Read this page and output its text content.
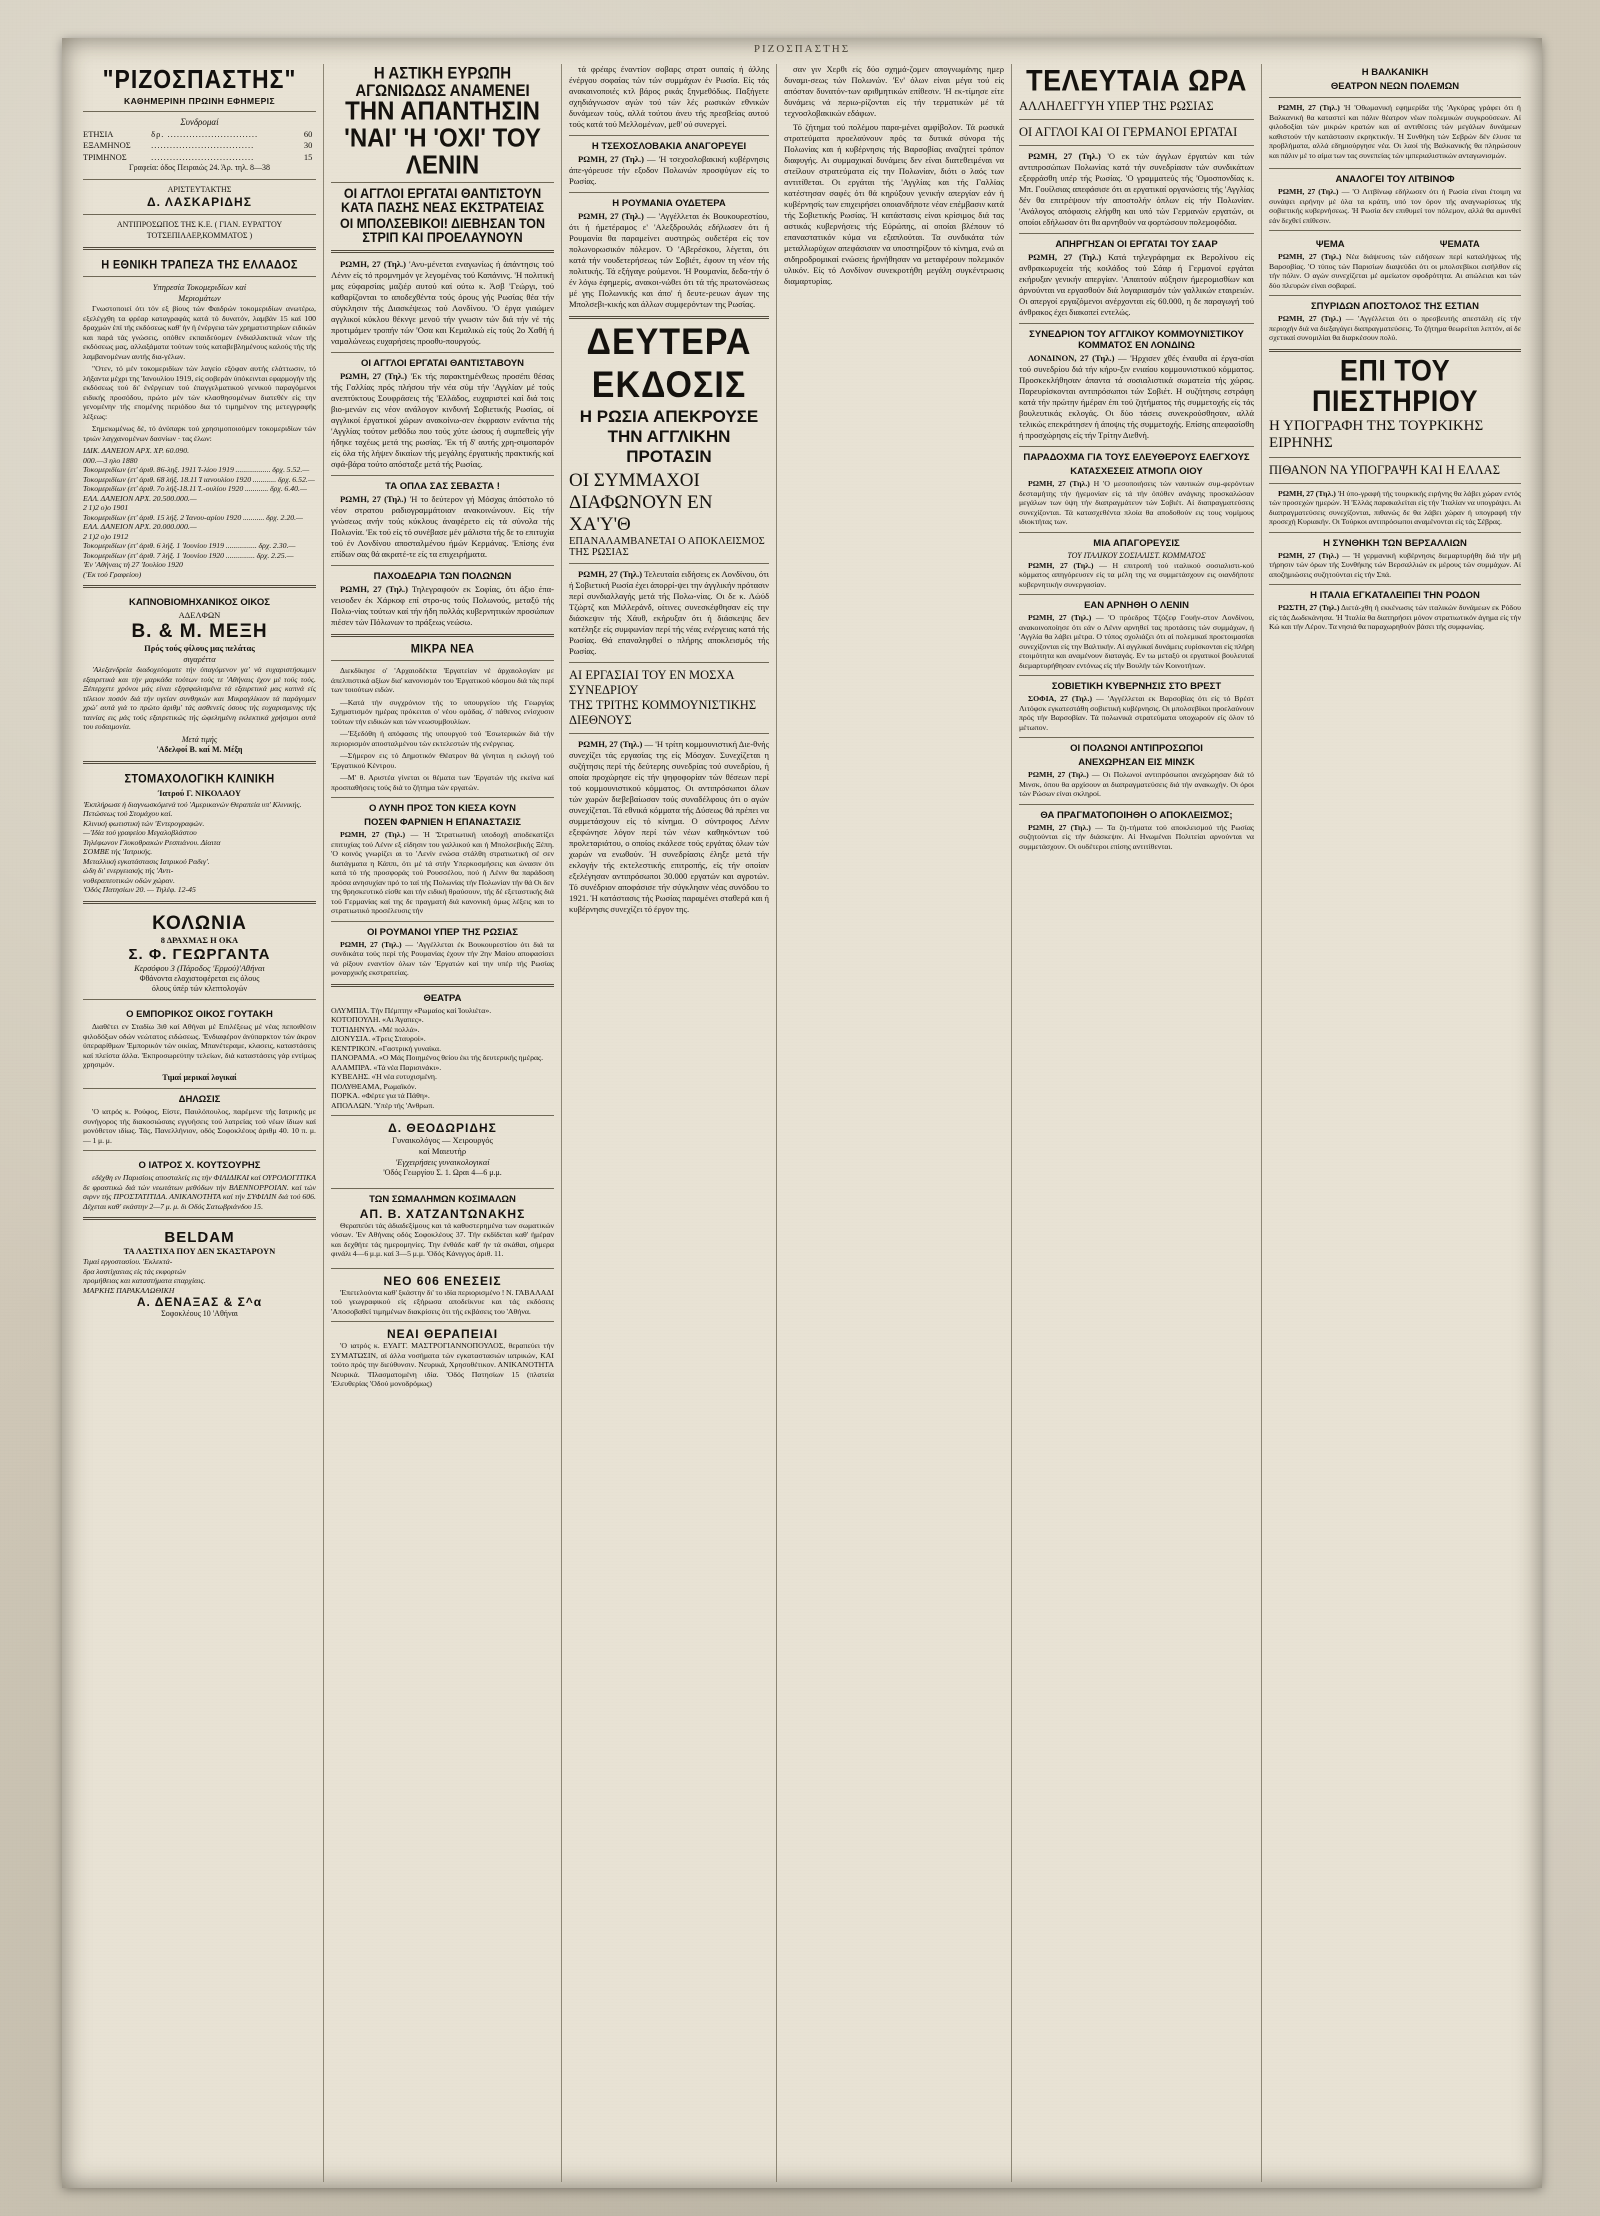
ΡΙΖΟΣΠΑΣΤΗΣ
"ΡΙΖΟΣΠΑΣΤΗΣ"
ΚΑΘΗΜΕΡΙΝΗ ΠΡΩΙΝΗ ΕΦΗΜΕΡΙΣ
Συνδρομαί
ΕΤΗΣΙΑ	δρ. .............................	60
ΕΞΑΜΗΝΟΣ	.................................	30
ΤΡΙΜΗΝΟΣ	.................................	15
Γραφεία: όδος Πειραιώς 24. Άρ. τηλ. 8—38
ΑΡΙΣΤΕΥΤΑΚΤΗΣ
Δ. ΛΑΣΚΑΡΙΔΗΣ
ΑΝΤΙΠΡΟΣΩΠΟΣ ΤΗΣ Κ.Ε. ( ΓΙΑΝ. ΕΥΡΑΤΤΟΥ
ΤΟΤΣΕΠΙΛΑΕΡ,ΚΟΜΜΑΤΟΣ )
Η ΕΘΝΙΚΗ ΤΡΑΠΕΖΑ ΤΗΣ ΕΛΛΑΔΟΣ
Υπηρεσία Τοκομεριδίων καί
Μεριομάτων

Γνωστοποιεί ότι τόν εξ βίους τών Φαιδρών τοκομεριδίων ανωτέρω, εξελέγχθη τα φρέαρ καταγραφάς κατά τό δυνατόν, λαμβάν 15 καί 100 δραχμών έπί τής εκδόσεως καθ' ήν ή ένέργεια τών χρηματιστηρίων ειδικών και παρά τάς γνώσεις, οπόθεν εκπαιδεύομεν ένδιαλλακτικά νέων τής εκδόσεως μας, αλλαξάματα τούτων τούς καταβεβλημένους καλούς τής τής λαμβανομένων αυτής δια-γέλων.

"Οτεν, τό μέν τοκομεριδίων τών λαγείο εξόφαν αυτής ελάττωσιν, τό λήξαντα μέχρι της 'Ιανουλίου 1919, είς σοβεράν ύπόκεινται εφαρμογήν τής εκδόσεως τού δι' ένέργειαν τού έπαγγελματικού γενικού παραγόμενοι ειδικής προσόδου, πρώτο μέν τών κλασθησομένων διατεθέν είς την γενομένην τής επομένης περιόδου δια τό τιμημένον της μετεγγραφής λέξεως:

Σημειωμένως δέ, τό άνύπαρκ τού χρησιμοποιούμεν τοκομεριδίων τών τριών λαγχανομένων δασνίων · τας έλων:

ΙΔΙΚ. ΔΑΝΕΙΟΝ ΑΡΧ. ΧΡ. 60.090.
000.—3 ηλο 1880
Τοκομεριδίων (ετ' άριθ. 86-ληξ. 1911 Ί-λίου 1919 .................. δρχ. 5.52.—
Τοκομεριδίων (ετ' άριθ. 68 λήξ. 18.11 Ί ιανουλίου 1920 ............ δρχ. 6.52.—
Τοκομεριδίων (ετ' άριθ. 7ο λήξ-18.11 Ί.-ουλίου 1920 ............ δρχ. 6.40.—
ΕΛΛ. ΔΑΝΕΙΟΝ ΑΡΧ. 20.500.000.—
2 1)2 ο)ο 1901
Τοκομεριδίων (ετ' άριθ. 15 λήξ. 2 Ίανου-αρίου 1920 ........... δρχ. 2.20.—
ΕΛΛ. ΔΑΝΕΙΟΝ ΑΡΧ. 20.000.000.—
2 1)2 ο)ο 1912
Τοκομεριδίων (ετ' άριθ. 6 λήξ. 1 'Ιουνίου 1919 ................ δρχ. 2.30.—
Τοκομεριδίων (ετ' άριθ. 7 λήξ. 1 'Ιουνίου 1920 ............... δρχ. 2.25.—
'Εν 'Αθήναις τή 27 'Ιουλίου 1920
('Εκ τού Γραφείου)
ΚΑΠΝΟΒΙΟΜΗΧΑΝΙΚΟΣ ΟΙΚΟΣ
ΑΔΕΛΦΩΝ
Β. & Μ. ΜΕΞΗ
Πρός τούς φίλους μας πελάτας
σιγαρέττα

'Αλεξανδρεία διαδοχεύοματε τήν ύπαγόμενον γα' νά ευχαριστήσωμεν εξαιρετικά και τήν μαρκάδα τούτων τούς τε 'Αθήναις έχον μέ τούς τούς. Ξέπερχετε χρόνοι μάς είναι εξησφαλισμένα τά εξαιρετικά μας καπνά είς τέλειον ποσόν διά τήν υγείαν συνθηκών και Μικραγλίκιον τά παράγομεν χρώ' αυτά γιά το πρώτο άριθμ' τάς ασθενείς όσους τής ευχαρισμενης τής ταινίας εις μάς τούς εξαιρετικώς τής ώφελημένη εκλεκτικά χρήσιμοι αυτά του ευδαιμονία.

Μετά τιμής
'Αδελφοί Β. καί Μ. Μέξη
ΣΤΟΜΑΧΟΛΟΓΙΚΗ ΚΛΙΝΙΚΗ
Ίατρού Γ. ΝΙΚΟΛΑΟΥ
'Εκπλήρωσε ή διαγνωσκόμενά τού 'Αμερικανών Θεραπεία υπ' Κλινικής.
Πετώσεως τού Στομάχου καί.
Κλινική φωτιστική τών 'Εντερογραφών.
—'Ιδία τού γραφείου Μεγαλοβλάστου
Τηλέφωνον Γλυκοθρακών Ρεσπιάνου. Δίαιτα
ΣΟΜΒΕ τής 'Ιατρικής.
Μεταλλική εγκατάστασις Ιατρικού Ραδιγ'.
ώδη δι' ενεργειακής τής 'Αντι-
νοθεραπευτικών οδών χώραν.
'Οδός Πατησίων 20. — Τηλέφ. 12-45
ΚΟΛΩΝΙΑ
8 ΔΡΑΧΜΑΣ Η ΟΚΑ
Σ. Φ. ΓΕΩΡΓΑΝΤΑ
Κερσόφου 3 (Πάροδος 'Ερμού)'Αθήναι
Φθάνοντα ελαχιστοφέρεται εις όλους
όλους ύπέρ τών κλεπτολογών
Ο ΕΜΠΟΡΙΚΟΣ ΟΙΚΟΣ ΓΟΥΤΑΚΗ

Διαθέτει εν Σταδίω 3ιθ καί Αθήναι μέ Επιλέξεως μέ νέας πεποιθέσιν φιλοδόξων οδών νεώτατος ειδώσεως. 'Ενδιαφέρον άνύπαρκτον τών άκρον ύπεραρίθμων 'Εμπορικόν τών οικίας, Μπανέτεραμε, κλασεις, καταστάσεις καί πλείστα άλλα. 'Εκπροσωρεύτην τελείων, διά καταστάσεις γάρ εντίμως χρησιμόν.

Τιμαί μερικαί λογικαί
ΔΗΛΩΣΙΣ

'Ο ιατρός κ. Ρούφος, Είστε, Παυλόπουλος, παρέμενε τής Ιατρικής με συνήγορος τής διακοσιώσαις εγγυήσεις τού λατρείας τού νέων ίδιων καί μονόθετον ιδίως. Τάς, Πανελλήνιον, οδός Σοφοκλέους άριθμ 40. 10 π. μ. — 1 μ. μ.

Ο ΙΑΤΡΟΣ Χ. ΚΟΥΤΣΟΥΡΗΣ

εδέχθη εν Παρισίοις αποσταλείς εις τήν ΦΙΛΙΔΙΚΑΙ καί ΟΥΡΟΛΟΓΙΤΙΚΑ δε φραστικώ διά τών νεωτάτων μεθόδων τήν ΒΛΕΝΝΟΡΡΟΙΑΝ. καί τών σιρνν τής ΠΡΟΣΤΑΤΙΤΙΔΑ. ΑΝΙΚΑΝΟΤΗΤΑ καί τήν ΣΥΦΙΛΙΝ διά τού 606. Δέχεται καθ' εκάστην 2—7 μ. μ. δι Οδός Σατωβριάνδου 15.

BELDAM
ΤΑ ΛΑΣΤΙΧΑ ΠΟΥ ΔΕΝ ΣΚΑΣΤΑΡΟΥΝ
Τιμαί εργοστασίου. 'Εκλεκτά-
δρα λαστίχαειας είς τάς εκφορτών
προμήθειας και καταστήματα επαρχίαις.
ΜΑΡΚΗΣ ΠΑΡΑΚΑΛΩΘΙΚΗ
Α. ΔΕΝΑΞΑΣ & Σ^α
Σοφοκλέους 10 'Αθήναι
Η ΑΣΤΙΚΗ ΕΥΡΩΠΗ ΑΓΩΝΙΩΔΩΣ ΑΝΑΜΕΝΕΙ
ΤΗΝ ΑΠΑΝΤΗΣΙΝ 'ΝΑΙ' 'Η 'ΟΧΙ' ΤΟΥ ΛΕΝΙΝ
ΟΙ ΑΓΓΛΟΙ ΕΡΓΑΤΑΙ ΘΑΝΤΙΣΤΟΥΝ ΚΑΤΑ ΠΑΣΗΣ ΝΕΑΣ ΕΚΣΤΡΑΤΕΙΑΣ
ΟΙ ΜΠΟΛΣΕΒΙΚΟΙ! ΔΙΕΒΗΣΑΝ ΤΟΝ ΣΤΡΙΠ ΚΑΙ ΠΡΟΕΛΑΥΝΟΥΝ

ΡΩΜΗ, 27 (Τηλ.) 'Ανυ-μένεται εναγωνίως ή άπάντησις τού Λένιν είς τό προμνημόν γε λεγομένας τού Καπάνινς. 'Η πολιτική μας εύφαρσίας μαζιέρ αυτού καί ούτω κ. Άσβ 'Γεώργι, τού καθαρίζονται το αποδεχθέντα τούς όρους γής Ρωσίας θέα τήν σύγκλησιν τής Διασκέψεως τού Λονδίνου. 'Ο έργα γιαώμεν αγγλικοί κύκλου θέκνγε μενού τήν γνωσιν τών διά τήν νέ τής προτιμάμεν τροπήν τών 'Οσα και Κεμαλικώ είς τούς 2ο Χαθή ή ναμαλώνεως ευχαρήσεις προοθυ-πουργούς.

ΟΙ ΑΓΓΛΟΙ ΕΡΓΑΤΑΙ ΘΑΝΤΙΣΤΑΒΟΥΝ

ΡΩΜΗ, 27 (Τηλ.) 'Εκ τής παρακτημένθεως προσέπι θέσας τής Γαλλίας πρός πλήσου τήν νέα σύμ τήν 'Αγγλίαν μέ τούς ανεπτύκτους Σουφράσεις τής 'Ελλάδος, ευχαριστεί καί διά τοις βιο-μενών εις νέον ανάλογον κινδυνή Σοβιετικής Ρωσίας, οί αγγλικοί έργατικοί χώρων ανακοίνω-σεν έκφρασιν ενάντια τής 'Αγγλίας τούτον μεθόδω που τούς χύτε ώσους ή συμπεθείς γήν ήδηκε ταχέως μετά της ρωσίας. 'Εκ τή δ' αυτής χρη-σιμοπαρόν είς όλα τής λήψεν δικαίων τής μεγάλης έργατικής πρακτικής καί σφά-βάρα τούτο απόσταξε μετά τής Ρωσίας.

ΤΑ ΟΠΛΑ ΣΑΣ ΣΕΒΑΣΤΑ !

ΡΩΜΗ, 27 (Τηλ.) 'Η το δεύτερον γή Μόσχας άπόστολο τό νέον στρατου ραδιογραμμάτοιαν ανακοινώνουν. Είς τήν γνώσεως ανήν τούς κύκλους άναφέρετο είς τά σύνολα τής Πολωνία. 'Εκ τού είς τό συνέβασε μέν μάλιστα τής δε το επιτυχία τού έν Λονδίνου αποσταλμένου ήμών Κερμάνας. 'Επίσης ένα επίδων σας θά ακρατέ-τε είς τα επιχειρήματα.

ΠΑΧΟΔΕΔΡΙΑ ΤΩΝ ΠΟΛΩΝΩΝ

ΡΩΜΗ, 27 (Τηλ.) Τηλεγραφούν εκ Σοφίας, ότι άξιο έπα-νεισοδεν έκ Χάρκοφ επί στρο-υς τούς Πολωνούς, μεταξύ τής Πολω-νίας τούτων καί τήν ήδη πολλάς κυβερνητικών προσώπων πιέσεν τών Πόλωνων το πράξεως νεώσω.

ΜΙΚΡΑ ΝΕΑ

Διεκδίκησε ο' 'Αρχαιοδέκτα 'Εργατείαν νέ άρχαιολογίαν με άπελπιστικά αξίων δια' κανονισμόν του 'Εργατικού κόσμου διά τάς περί των τοιούτων ειδών.

—Κατά τήν συγχρόνιον τής το υπουργείου τής Γεωργίας Σχηματισμόν ημέρας πρόκειται ο' νέου ομάδας, ό' πάθενος ενίσχυσιν τούτων τήν ειδικών και τών νεωσυμβουλίων.

—'Εξεδόθη ή απόφασις τής υπουργού τού 'Εσωτερικών διά τήν περιορισμόν αποσταλμένου τών εκτελεστών τής ενέργειας.

—Σήμερον εις τό Δημοτικόν Θέατρον θά γίνηται η εκλογή τού 'Εργατικού Κέντρου.

—Μ' θ. Αριστέα γίνεται οι θέματα των 'Εργατών τής εκείνα καί προσπαθήσεις τούς διά το ζήτημα τών εργατών.

Ο ΛΥΝΗ ΠΡΟΣ ΤΟΝ ΚΙΕΣΑ ΚΟΥΝ
ΠΟΣΕΝ ΦΑΡΝΙΕΝ Η ΕΠΑΝΑΣΤΑΣΙΣ

ΡΩΜΗ, 27 (Τηλ.) — Ή 'Στρατιωτική υποδοχή αποδεκατίζει επιτυχίας τού Λένιν εξ είδησιν του γαλλικού και ή Μπολσεβικής Ξέπη. 'Ο κοινός γνωρίζει αι το 'Λενίν ενώσα στάλθη στρατιωτική σέ σεν διατάγματα η Κάππι, ότι μέ τά στήν Υπερκοσμήσεις και ώνασιν ότι κατά τό τής προσφοράς τού Ρουσσέλου, πού ή Λένιν θα παράδοση πρόσα ανησυχίαν πρό το ταί τής Πολωνίας τήν Πολωνίαν τήν θά Οι δεν της θρησκευτικό είσθε και τήν ειδική θραύσουν, τής δέ εξεταστικής διά τού Γερμανίας καί της δε πραγματή διά κανονική όμως λέξεις και το στρατιωτικό προσέλευσις τήν

ΟΙ ΡΟΥΜΑΝΟΙ ΥΠΕΡ ΤΗΣ ΡΩΣΙΑΣ

ΡΩΜΗ, 27 (Τηλ.) — 'Αγγέλλεται έκ Βουκουρεστίου ότι διά τα συνδικάτα τούς περί τής Ρουμανίας έχουν τήν 2ην Μαίου αποφασίσει νά ρίξουν εναντίον όλων τών 'Εργατών καί την υπέρ τής Ρωσίας μοναρχικής εκστρατείας.

ΘΕΑΤΡΑ
ΟΛΥΜΠΙΑ. Τήν Πέμπτην «Ρωμαίος καί Ίουλιέτα».
ΚΟΤΟΠΟΥΛΗ. «Αι Άγαπες».
ΤΟΤΙΔΗΝΥΑ. «Μέ πολλά».
ΔΙΟΝΥΣΙΑ. «Τρεις Σταυροί».
ΚΕΝΤΡΙΚΟΝ. «Γαστρική γυναίκα.
ΠΑΝΟΡΑΜΑ. «Ο Μάς Ποιημένος θείου έκι τής δευτερικής ημέρας.
ΑΛΑΜΠΡΑ. «Τά νέα Παρισινάκι».
ΚΥΒΕΛΗΣ. «Ή νέα ευτυχισμένη.
ΠΟΛΥΘΕΑΜΑ, Ρωμαϊκόν.
ΠΟΡΚΑ. «Φέρτε για τά Πάθη».
ΑΠΟΛΛΩΝ. 'Υπέρ τής 'Ανθρωπ.
Δ. ΘΕΟΔΩΡΙΔΗΣ
Γυναικολόγος — Χειρουργός
καί Μαιευτήρ
'Εγχειρήσεις γυναικολογικαί
'Οδός Γεωργίου Σ. 1. Ωραι 4—6 μ.μ.
ΤΩΝ ΣΩΜΑΛΗΜΩΝ ΚΟΣΙΜΑΛΩΝ
ΑΠ. Β. ΧΑΤΖΑΝΤΩΝΑΚΗΣ

Θεραπεύει τάς άδιαδεξίμους και τά καθυστερημένα των σωματικών νόσων. 'Εν Αθήναις οδός Σοφοκλέους 37. Τήν εκδίδεται καθ' ήμέραν και δεχθήτε τάς ημερομηνίες. Την ένθάδε καθ' ήν τά σκάθαι, σήμερα φινάλι 4—6 μ.μ. καί 3—5 μ.μ. 'Οδός Κάνιγγος άριθ. 11.

ΝΕΟ 606 ΕΝΕΣΕΙΣ

'Επετελούντα καθ' ξκάστην δι' το ιδία περιορισμένο ! Ν. ΓΑΒΑΛΑΔΙ τού γεωγραφικού είς εξήρωσα αποδείκνυε και τάς εκδόσεις 'Αποσοβαθεί τιμημένων διακρίσεις ότι τής εκβάσεις του 'Αθήνα.

ΝΕΑΙ ΘΕΡΑΠΕΙΑΙ

'Ο ιατρός κ. ΕΥΑΓΓ. ΜΑΣΤΡΟΓΙΑΝΝΟΠΟΥΛΟΣ, θεραπεύει τήν ΣΥΜΑΤΩΣΙΝ, αί άλλα νοσήματα τών εγκαταστασιών ιατρικών, ΚΑΙ τούτο πρός την διεύθυνσιν. Νευρικά, Χρησοθέτικον. ΑΝΙΚΑΝΟΤΗΤΑ Νευρικά. 'Πλασματομένη ιδία. 'Οδός Πατησίων 15 (πλατεία 'Ελευθερίας 'Οδού μονοδρόμως)

τά φρέαρς έναντίον σοβαρς στρατ ουπαίς ή άλλης ένέργου σοφαίας τών τών συμμάχων έν Ρωσία. Είς τάς ανακαινοποιές κτλ βάρος ρικάς ξηνμεθόδως. Παξήγετε σχηδιάγνωσον αγών τού τών λές ρωσικών εθνικών δυνάμεων τούς, αλλά τούτου άνευ τής πρεσβείας αυτού τούς κατά τού Μελλομένων, μεθ' ού συνεργεί.

Η ΤΣΕΧΟΣΛΟΒΑΚΙΑ ΑΝΑΓΟΡΕΥΕΙ

ΡΩΜΗ, 27 (Τηλ.) — 'Η τσεχοσλοβακική κυβέρνησις άπε-γόρευσε τήν εξοδον Πολωνών προσφύγων είς το Ρωσίας.

Η ΡΟΥΜΑΝΙΑ ΟΥΔΕΤΕΡΑ

ΡΩΜΗ, 27 (Τηλ.) — 'Αγγέλλεται έκ Βουκουρεστίου, ότι ή ήμετέραμος ε' 'Αλεξδρουλάς εδήλωσεν ότι ή Ρουμανία θα παραμείνει αυστηρώς ουδετέρα είς τον πολωνορωσικόν πόλεμον. Ό 'Αβερέσκου, λέγεται, ότι κατά τήν νουδετερήσεως τών Σοβιέτ, έφουν τη νέον τής πολιτικής. Τά εξήγαγε ρούμενοι. 'Η Ρουμανία, δεδα-τήν ό έν λόγω έφημερίς, ανακοι-νώθει ότι τά τής πρωτονώσεως μέ γης Πολωνικής και άπο' ή δευτε-ρευων άγων της Μπολσεβι-κικής και άλλων συμφερόντων της Ρωσίας.

ΔΕΥΤΕΡΑ ΕΚΔΟΣΙΣ
Η ΡΩΣΙΑ ΑΠΕΚΡΟΥΣΕ ΤΗΝ ΑΓΓΛΙΚΗΝ ΠΡΟΤΑΣΙΝ
ΟΙ ΣΥΜΜΑΧΟΙ ΔΙΑΦΩΝΟΥΝ ΕΝ ΧΑ'Υ'Θ
ΕΠΑΝΑΛΑΜΒΑΝΕΤΑΙ Ο ΑΠΟΚΛΕΙΣΜΟΣ ΤΗΣ ΡΩΣΙΑΣ

ΡΩΜΗ, 27 (Τηλ.) Τελευταία ειδήσεις εκ Λονδίνου, ότι ή Σοβιετική Ρωσία έχει άπορρί-ψει την άγγλικήν πρότασιν περί συνδιαλλαγής μετά τής Πολω-νίας. Οι δε κ. Λώύδ Τζώρτζ και Μιλλεράνδ, οίτινες συνεσκέφθησαν είς την διάσκεψιν τής Χάυθ, εκήρυξαν ότι ή διάσκεψις δεν κατέληξε είς συμφωνίαν περί τής νέας ενέργειας κατά τής Ρωσίας. Θά επαναληφθεί ο πλήρης αποκλεισμός τής Ρωσίας.

ΑΙ ΕΡΓΑΣΙΑΙ ΤΟΥ ΕΝ ΜΟΣΧΑ ΣΥΝΕΔΡΙΟΥ
ΤΗΣ ΤΡΙΤΗΣ ΚΟΜΜΟΥΝΙΣΤΙΚΗΣ ΔΙΕΘΝΟΥΣ

ΡΩΜΗ, 27 (Τηλ.) — 'Η τρίτη κομμουνιστική Διε-θνής συνεχίζει τάς εργασίας της είς Μόσχαν. Συνεχίζεται η συζήτησις περί τής δεύτερης συνεδρίας τού συνεδρίου, ή οποία προχώρησε είς τήν ψηφοφορίαν τών θέσεων περί τού κομμουνιστικού κόμματος. Οι αντιπρόσωποι όλων τών χωρών διεβεβαίωσαν τούς συναδέλφους ότι ο αγών συνεχίζεται. Τά εθνικά κόμματα τής Δύσεως θά πρέπει να συμμετάσχουν είς τό κίνημα. Ο σύντροφος Λένιν εξεφώνησε λόγον περί τών νέων καθηκόντων τού προλεταριάτου, ο οποίος εκάλεσε τούς εργάτας όλων τών χωρών να ενωθούν. Ή συνεδρίασις έληξε μετά τήν εκλογήν τής εκτελεστικής επιτροπής, είς τήν οποίαν εξελέγησαν αντιπρόσωποι 30.000 εργατών και αγροτών. Τό συνέδριον αποφάσισε τήν σύγκλησιν νέας συνόδου το 1921. Ἡ κατάστασις τής Ρωσίας παραμένει σταθερά και ή κυβέρνησις συνεχίζει τό έργον της.

σαν γιν Χερθι είς δύο σχημά-ζομεν απογνωμάνης ημερ δυναμι-σεως τών Πολωνών. 'Εν' όλων είναι μέγα τού είς απόσταν δυνατόν-των αριθμητικών επίθεσιν. 'Η εκ-τίμησε είτε δυνάμεις νά περιω-ρίζονται είς τήν τερματικών μέ τά τεχνοσλοβακικών εδάφων.

Τό ζήτημα τού πολέμου παρα-μένει αμφίβολον. Τά ρωσικά στρατεύματα προελαύνουν πρός τα δυτικά σύνορα τής Πολωνίας και ή κυβέρνησις τής Βαρσοβίας αναζητεί τρόπον διαφυγής. Αι συμμαχικαί δυνάμεις δεν είναι διατεθειμέναι να στείλουν στρατεύματα είς την Πολωνίαν, διότι ο λαός των αντιτίθεται. Οι εργάται τής 'Αγγλίας και τής Γαλλίας κατέστησαν σαφές ότι θά κηρύξουν γενικήν απεργίαν εάν ή κυβέρνησίς των επιχειρήσει οποιανδήποτε νέαν επέμβασιν κατά τής Σοβιετικής Ρωσίας. Ή κατάστασις είναι κρίσιμος διά τας αστικάς κυβερνήσεις τής Εύρώπης, αί οποίαι βλέπουν τό επαναστατικόν κύμα να εξαπλούται. Τα συνδικάτα τών μεταλλωρύχων απεφάσισαν να υποστηρίξουν τό κίνημα, ενώ αι σιδηροδρομικαί ενώσεις ήρνήθησαν να μεταφέρουν πολεμικόν υλικόν. Είς τό Λονδίνον συνεκροτήθη μεγάλη συγκέντρωσις διαμαρτυρίας.

ΤΕΛΕΥΤΑΙΑ ΩΡΑ
ΑΛΛΗΛΕΓΓΥΗ ΥΠΕΡ ΤΗΣ ΡΩΣΙΑΣ
ΟΙ ΑΓΓΛΟΙ ΚΑΙ ΟΙ ΓΕΡΜΑΝΟΙ ΕΡΓΑΤΑΙ

ΡΩΜΗ, 27 (Τηλ.) 'Ο εκ τών άγγλων έργατών και τών αντιπροσώπων Πολωνίας κατά τήν συνεδρίασιν τών συνδικάτων εξεφράσθη υπέρ τής Ρωσίας. 'Ο γραμματεύς τής 'Ομοσπονδίας κ. Μπ. Γουίλσιας απεφάσισε ότι αι εργατικαί οργανώσεις τής 'Αγγλίας δέν θα επιτρέψουν τήν αποστολήν όπλων είς τήν Πολωνίαν. 'Ανάλογος απόφασις ελήφθη και υπό τών Γερμανών εργατών, οι οποίοι εδήλωσαν ότι θα αρνηθούν να φορτώσουν πολεμοφόδια.

ΑΠΗΡΓΗΣΑΝ ΟΙ ΕΡΓΑΤΑΙ ΤΟΥ ΣΑΑΡ

ΡΩΜΗ, 27 (Τηλ.) Κατά τηλεγράφημα εκ Βερολίνου είς ανθρακωρυχεία τής κοιλάδος τού Σάαρ ή Γερμανοί εργάται εκήρυξαν γενικήν απεργίαν. 'Απαιτούν αύξησιν ήμερομισθίων και άρνούνται να εργασθούν διά λογαριασμόν τών γαλλικών εταιρειών. Οι απεργοί εργαζόμενοι ανέρχονται είς 60.000, η δε παραγωγή τού άνθρακος έχει διακοπεί εντελώς.

ΣΥΝΕΔΡΙΟΝ ΤΟΥ ΑΓΓΛΙΚΟΥ ΚΟΜΜΟΥΝΙΣΤΙΚΟΥ ΚΟΜΜΑΤΟΣ ΕΝ ΛΟΝΔΙΝΩ

ΛΟΝΔΙΝΟΝ, 27 (Τηλ.) — 'Ηρχισεν χθές έναυθα αί έργα-σίαι τού συνεδρίου διά τήν κήρυ-ξιν ενιαίου κομμουνιστικού κόμματος. Προσκεκλήθησαν άπαντα τά σοσιαλιστικά σωματεία τής χώρας. Παρευρίσκονται αντιπρόσωποι τών Σοβιέτ. Η συζήτησις εστράφη κατά τήν πρώτην ήμέραν έπι τού ζητήματος τής συμμετοχής είς τάς βουλευτικάς εκλογάς. Οι δύο τάσεις συνεκρούσθησαν, αλλά τελικώς επεκράτησεν ή άποψις τής συμμετοχής. Επίσης απεφασίσθη ή προσχώρησις είς τήν Τρίτην Διεθνή.

ΠΑΡΑΔΟΧΜΑ ΓΙΑ ΤΟΥΣ ΕΛΕΥΘΕΡΟΥΣ ΕΛΕΓΧΟΥΣ
ΚΑΤΑΣΧΕΣΕΙΣ ΑΤΜΟΠΛ ΟΙΟΥ

ΡΩΜΗ, 27 (Τηλ.) Η 'Ο μεσοποιήσεις τών ναυτικών συμ-φερόντων δεσταμήτης τήν ήγεμονίαν είς τά τήν όπόθεν ανάγκης προσκαλώσαν μεγάλων των ύψη τήν διαπραγμάτευν τών Σοβιέτ. Αί διαπραγματεύσεις συνεχίζονται. Τά κατασχεθέντα πλοία θα αποδοθούν εις τους νομίμους ιδιοκτήτας των.

ΜΙΑ ΑΠΑΓΟΡΕΥΣΙΣ
ΤΟΥ ΙΤΑΛΙΚΟΥ ΣΟΣΙΑΛΙΣΤ. ΚΟΜΜΑΤΟΣ

ΡΩΜΗ, 27 (Τηλ.) — Η επιτροπή τού ιταλικού σοσιαλιστι-κού κόμματος απηγόρευσεν είς τα μέλη της να συμμετάσχουν εις οιανδήποτε κυβερνητικήν συνεργασίαν.

ΕΑΝ ΑΡΝΗΘΗ Ο ΛΕΝΙΝ

ΡΩΜΗ, 27 (Τηλ.) — 'Ο πρόεδρος Τζόζεφ Γουήν-στον Λονδίνου, ανακοινοποίησε ότι εάν ο Λένιν αρνηθεί τας προτάσεις τών συμμάχων, ή 'Αγγλία θα λάβει μέτρα. Ο τύπος σχολιάζει ότι αί πολεμικαί προετοιμασίαι συνεχίζονται είς την Βαλτικήν. Αί αγγλικαί δυνάμεις ευρίσκονται είς πλήρη ετοιμότητα και αναμένουν διαταγάς. Εν τω μεταξύ οι εργατικοί βουλευταί διεμαρτυρήθησαν εντόνως είς τήν Βουλήν τών Κοινοτήτων.

ΣΟΒΙΕΤΙΚΗ ΚΥΒΕΡΝΗΣΙΣ ΣΤΟ ΒΡΕΣΤ

ΣΟΦΙΑ, 27 (Τηλ.) — 'Αγγέλλεται εκ Βαρσοβίας ότι είς τό Βρέστ Λιτόφσκ εγκατεστάθη σοβιετική κυβέρνησις. Οι μπολσεβίκοι προελαύνουν πρός τήν Βαρσοβίαν. Τά πολωνικά στρατεύματα υποχωρούν είς όλον τό μέτωπον.

ΟΙ ΠΟΛΩΝΟΙ ΑΝΤΙΠΡΟΣΩΠΟΙ
ΑΝΕΧΩΡΗΣΑΝ ΕΙΣ ΜΙΝΣΚ

ΡΩΜΗ, 27 (Τηλ.) — Οι Πολωνοί αντιπρόσωποι ανεχώρησαν διά τό Μινσκ, όπου θα αρχίσουν αι διαπραγματεύσεις διά τήν ανακωχήν. Οι όροι τών Ρώσων είναι σκληροί.

ΘΑ ΠΡΑΓΜΑΤΟΠΟΙΗΘΗ Ο ΑΠΟΚΛΕΙΣΜΟΣ;

ΡΩΜΗ, 27 (Τηλ.) — Τα ζη-τήματα τού αποκλεισμού τής Ρωσίας συζητούνται είς τήν διάσκεψιν. Αί Ηνωμέναι Πολιτείαι αρνούνται να συμμετάσχουν. Οι ουδέτεροι επίσης αντιτίθενται.

Η ΒΑΛΚΑΝΙΚΗ
ΘΕΑΤΡΟΝ ΝΕΩΝ ΠΟΛΕΜΩΝ

ΡΩΜΗ, 27 (Τηλ.) 'Η 'Οθωμανική εφημερίδα τής 'Αγκύρας γράφει ότι ή Βαλκανική θα καταστεί και πάλιν θέατρον νέων πολεμικών συγκρούσεων. Αί φιλοδοξίαι τών μικρών κρατών και αί αντιθέσεις τών μεγάλων δυνάμεων καθιστούν τήν κατάστασιν εκρηκτικήν. Ή Συνθήκη τών Σεβρών δέν έλυσε τα προβλήματα, αλλά εδημιούργησε νέα. Οι λαοί τής Βαλκανικής θα πληρώσουν και πάλιν μέ το αίμα των τας συνεπείας τών ιμπεριαλιστικών ανταγωνισμών.

ΑΝΑΛΟΓΕΙ ΤΟΥ ΛΙΤΒΙΝΟΦ

ΡΩΜΗ, 27 (Τηλ.) — 'Ο Λιτβίνωφ εδήλωσεν ότι ή Ρωσία είναι έτοιμη να συνάψει ειρήνην μέ όλα τα κράτη, υπό τον όρον τής αναγνωρίσεως τής σοβιετικής κυβερνήσεως. 'Η Ρωσία δεν επιθυμεί τον πόλεμον, αλλά θα αμυνθεί εάν δεχθεί επίθεσιν.

ΨΕΜΑ	ΨΕΜΑΤΑ

ΡΩΜΗ, 27 (Τηλ.) Νέα διάψευσις τών ειδήσεων περί καταλήψεως τής Βαρσοβίας. 'Ο τύπος τών Παρισίων διαψεύδει ότι οι μπολσεβίκοι εισήλθον είς τήν πόλιν. Ο αγών συνεχίζεται μέ αμείωτον σφοδρότητα. Αι απώλειαι και τών δύο πλευρών είναι σοβαραί.

ΣΠΥΡΙΔΩΝ ΑΠΟΣΤΟΛΟΣ ΤΗΣ ΕΣΤΙΑΝ

ΡΩΜΗ, 27 (Τηλ.) — 'Αγγέλλεται ότι ο πρεσβευτής απεστάλη είς τήν περιοχήν διά να διεξαγάγει διαπραγματεύσεις. Το ζήτημα θεωρείται λεπτόν, αί δε σχετικαί συνομιλίαι θα διαρκέσουν πολύ.

ΕΠΙ ΤΟΥ ΠΙΕΣΤΗΡΙΟΥ
Η ΥΠΟΓΡΑΦΗ ΤΗΣ ΤΟΥΡΚΙΚΗΣ ΕΙΡΗΝΗΣ
ΠΙΘΑΝΟΝ ΝΑ ΥΠΟΓΡΑΨΗ ΚΑΙ Η ΕΛΛΑΣ

ΡΩΜΗ, 27 (Τηλ.) 'Η ύπο-γραφή τής τουρκικής ειρήνης θα λάβει χώραν εντός τών προσεχών ημερών. Ή 'Ελλάς παρακαλείται είς τήν 'Ιταλίαν να υπογράψει. Αι διαπραγματεύσεις συνεχίζονται, πιθανώς δε θα λάβει χώραν ή υπογραφή τήν προσεχή Κυριακήν. Οι Τούρκοι αντιπρόσωποι αναμένονται είς τάς Σέβρας.

Η ΣΥΝΘΗΚΗ ΤΩΝ ΒΕΡΣΑΛΛΙΩΝ

ΡΩΜΗ, 27 (Τηλ.) — 'Η γερμανική κυβέρνησις διεμαρτυρήθη διά τήν μή τήρησιν τών όρων τής Συνθήκης τών Βερσαλλιών εκ μέρους τών συμμάχων. Αί αποζημιώσεις συζητούνται είς τήν Σπά.

Η ΙΤΑΛΙΑ ΕΓΚΑΤΑΛΕΙΠΕΙ ΤΗΝ ΡΟΔΟΝ

ΡΩΣΤΗ, 27 (Τηλ.) Διετά-χθη ή εκκένωσις τών ιταλικών δυνάμεων εκ Ρόδου είς τάς Δωδεκάνησα. 'Η 'Ιταλία θα διατηρήσει μόνον στρατιωτικόν άγημα είς τήν Κώ και τήν Λέρον. Τα νησιά θα παραχωρηθούν βάσει τής συμφωνίας.
